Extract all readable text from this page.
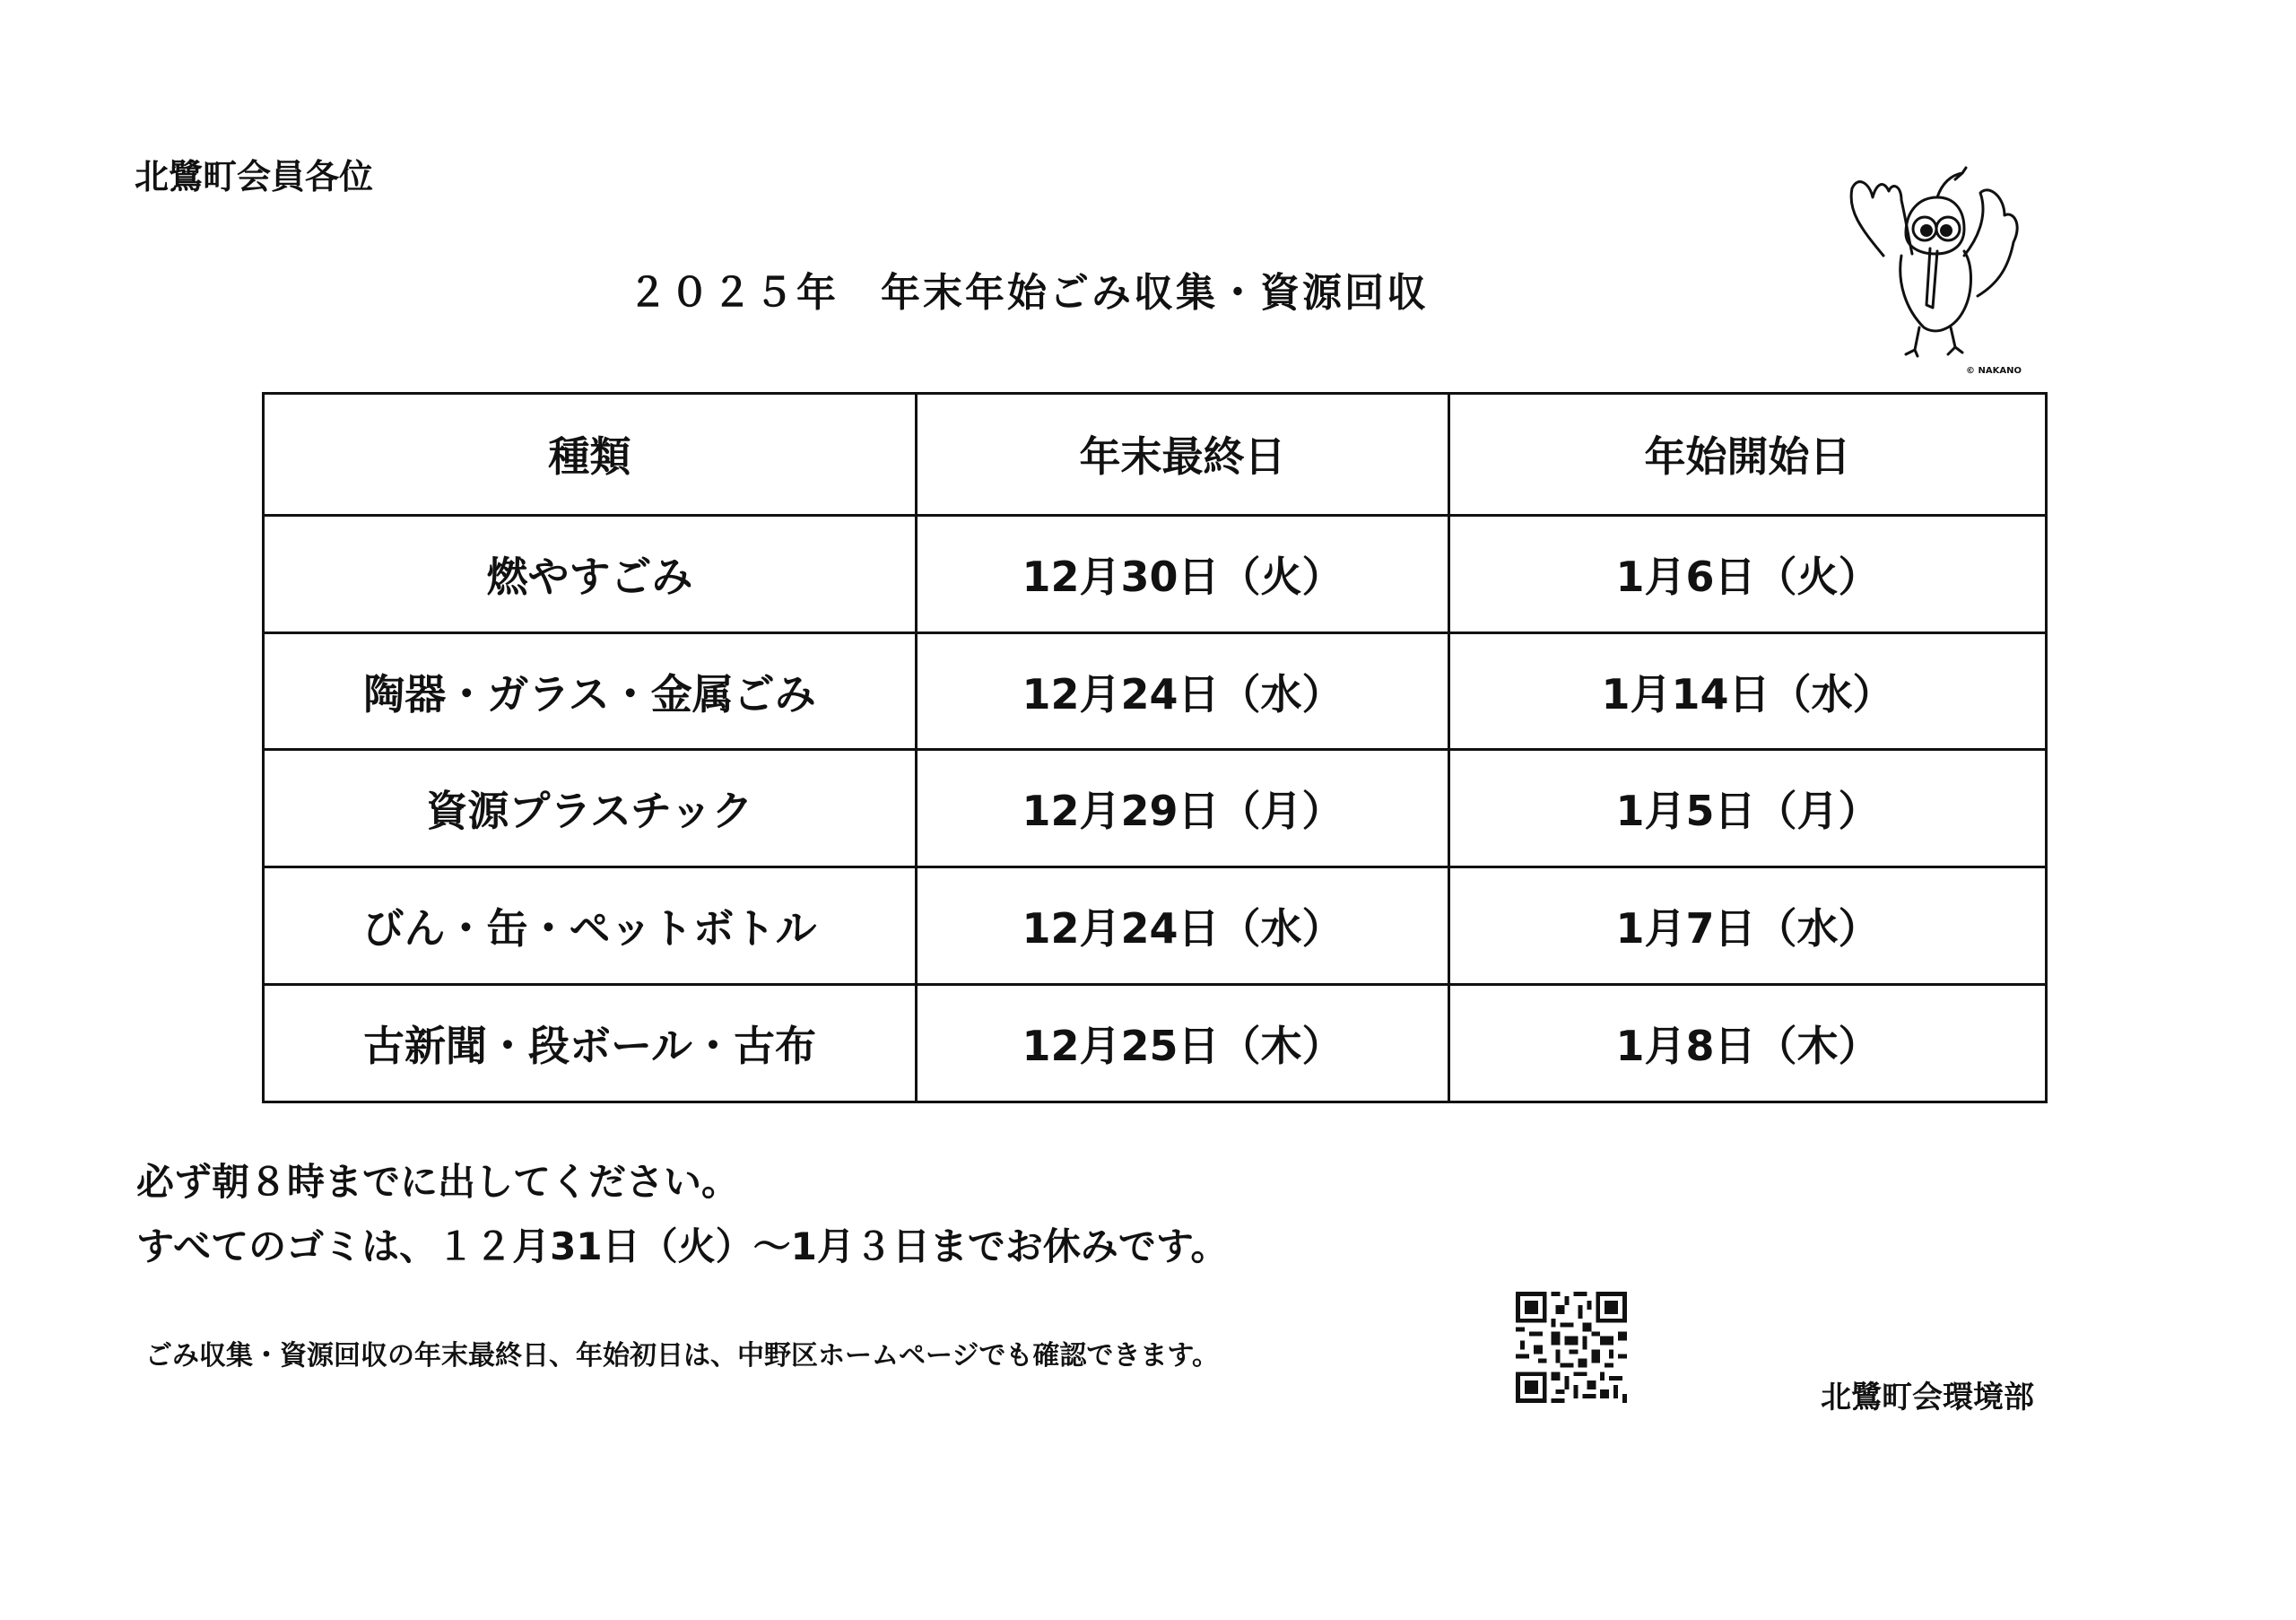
北鷺町会員各位
２０２５年　年末年始ごみ収集・資源回収
© NAKANO
種類	年末最終日	年始開始日
燃やすごみ	12月30日（火）	1月6日（火）
陶器・ガラス・金属ごみ	12月24日（水）	1月14日（水）
資源プラスチック	12月29日（月）	1月5日（月）
びん・缶・ペットボトル	12月24日（水）	1月7日（水）
古新聞・段ボール・古布	12月25日（木）	1月8日（木）
必ず朝８時までに出してください。
すべてのゴミは、１２月31日（火）～1月３日までお休みです。
ごみ収集・資源回収の年末最終日、年始初日は、中野区ホームページでも確認できます。
北鷺町会環境部
